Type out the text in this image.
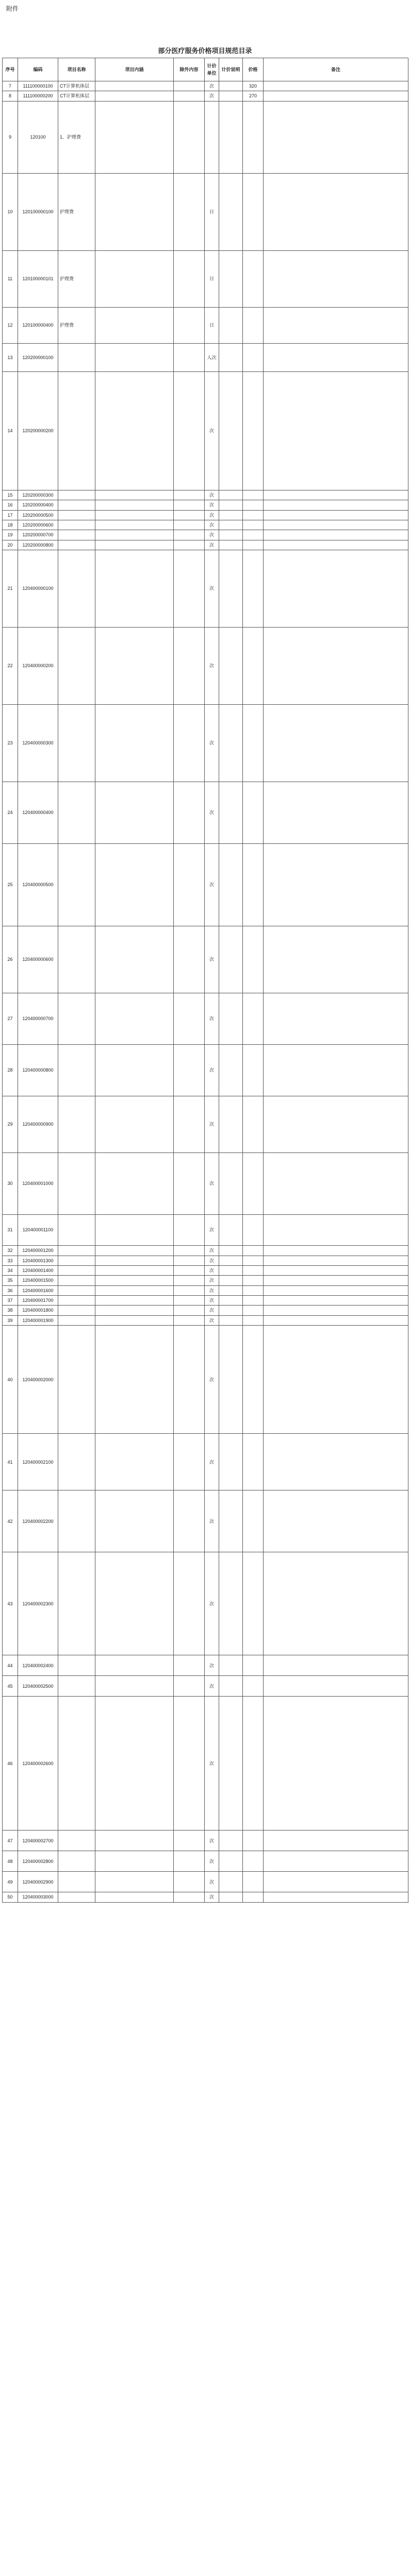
附件
部分医疗服务价格项目规范目录
序号	编码	项目名称	项目内涵	除外内容	计价单位	计价说明	价格	备注
7	111100000100	CT计算机体层			次		320	
8	111100000200	CT计算机体层			次		270	
9	120100	1、护理费						
10	120100000100	护理费			日			
11	120100000101	护理费			日			
12	120100000400	护理费			日			
13	120200000100				人次			
14	120200000200				次			
15	120200000300				次			
16	120200000400				次			
17	120200000500				次			
18	120200000600				次			
19	120200000700				次			
20	120200000800				次			
21	120400000100				次			
22	120400000200				次			
23	120400000300				次			
24	120400000400				次			
25	120400000500				次			
26	120400000600				次			
27	120400000700				次			
28	120400000800				次			
29	120400000900				次			
30	120400001000				次			
31	120400001100				次			
32	120400001200				次			
33	120400001300				次			
34	120400001400				次			
35	120400001500				次			
36	120400001600				次			
37	120400001700				次			
38	120400001800				次			
39	120400001900				次			
40	120400002000				次			
41	120400002100				次			
42	120400002200				次			
43	120400002300				次			
44	120400002400				次			
45	120400002500				次			
46	120400002600				次			
47	120400002700				次			
48	120400002800				次			
49	120400002900				次			
50	120400003000				次			
